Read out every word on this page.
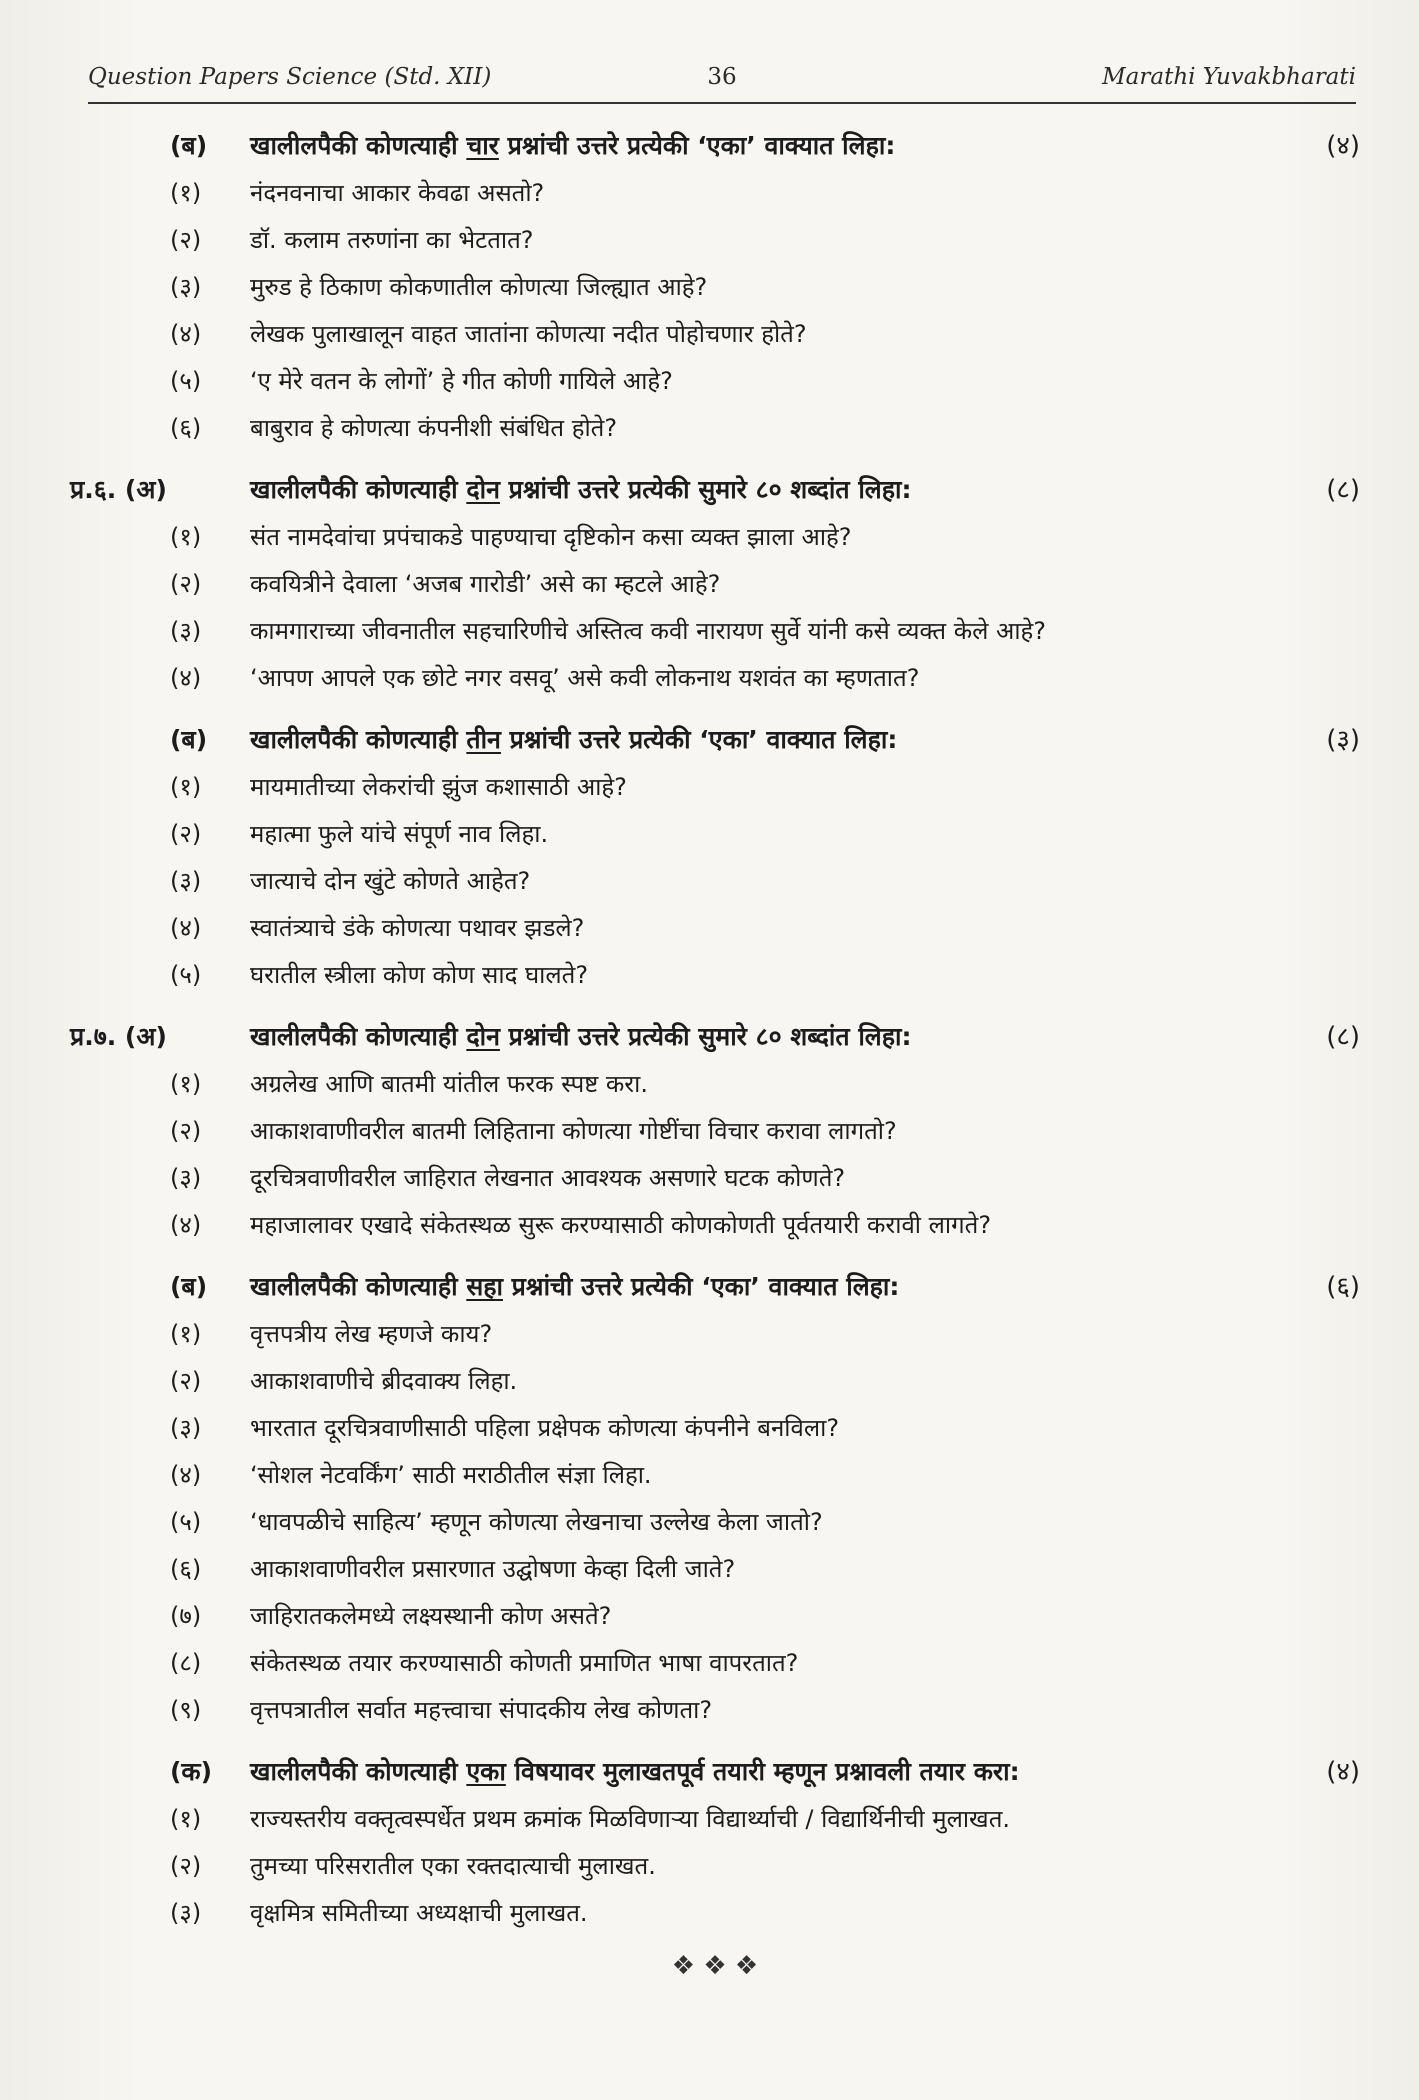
Question Papers Science (Std. XII)	36	Marathi Yuvakbharati
(ब)	खालीलपैकी कोणत्याही चार प्रश्नांची उत्तरे प्रत्येकी ‘एका’ वाक्यात लिहा:	(४)
(१)	नंदनवनाचा आकार केवढा असतो?
(२)	डॉ. कलाम तरुणांना का भेटतात?
(३)	मुरुड हे ठिकाण कोकणातील कोणत्या जिल्ह्यात आहे?
(४)	लेखक पुलाखालून वाहत जातांना कोणत्या नदीत पोहोचणार होते?
(५)	‘ए मेरे वतन के लोगों’ हे गीत कोणी गायिले आहे?
(६)	बाबुराव हे कोणत्या कंपनीशी संबंधित होते?
प्र.६. (अ)	खालीलपैकी कोणत्याही दोन प्रश्नांची उत्तरे प्रत्येकी सुमारे ८० शब्दांत लिहा:	(८)
(१)	संत नामदेवांचा प्रपंचाकडे पाहण्याचा दृष्टिकोन कसा व्यक्त झाला आहे?
(२)	कवयित्रीने देवाला ‘अजब गारोडी’ असे का म्हटले आहे?
(३)	कामगाराच्या जीवनातील सहचारिणीचे अस्तित्व कवी नारायण सुर्वे यांनी कसे व्यक्त केले आहे?
(४)	‘आपण आपले एक छोटे नगर वसवू’ असे कवी लोकनाथ यशवंत का म्हणतात?
(ब)	खालीलपैकी कोणत्याही तीन प्रश्नांची उत्तरे प्रत्येकी ‘एका’ वाक्यात लिहा:	(३)
(१)	मायमातीच्या लेकरांची झुंज कशासाठी आहे?
(२)	महात्मा फुले यांचे संपूर्ण नाव लिहा.
(३)	जात्याचे दोन खुंटे कोणते आहेत?
(४)	स्वातंत्र्याचे डंके कोणत्या पथावर झडले?
(५)	घरातील स्त्रीला कोण कोण साद घालते?
प्र.७. (अ)	खालीलपैकी कोणत्याही दोन प्रश्नांची उत्तरे प्रत्येकी सुमारे ८० शब्दांत लिहा:	(८)
(१)	अग्रलेख आणि बातमी यांतील फरक स्पष्ट करा.
(२)	आकाशवाणीवरील बातमी लिहिताना कोणत्या गोष्टींचा विचार करावा लागतो?
(३)	दूरचित्रवाणीवरील जाहिरात लेखनात आवश्यक असणारे घटक कोणते?
(४)	महाजालावर एखादे संकेतस्थळ सुरू करण्यासाठी कोणकोणती पूर्वतयारी करावी लागते?
(ब)	खालीलपैकी कोणत्याही सहा प्रश्नांची उत्तरे प्रत्येकी ‘एका’ वाक्यात लिहा:	(६)
(१)	वृत्तपत्रीय लेख म्हणजे काय?
(२)	आकाशवाणीचे ब्रीदवाक्य लिहा.
(३)	भारतात दूरचित्रवाणीसाठी पहिला प्रक्षेपक कोणत्या कंपनीने बनविला?
(४)	‘सोशल नेटवर्किंग’ साठी मराठीतील संज्ञा लिहा.
(५)	‘धावपळीचे साहित्य’ म्हणून कोणत्या लेखनाचा उल्लेख केला जातो?
(६)	आकाशवाणीवरील प्रसारणात उद्घोषणा केव्हा दिली जाते?
(७)	जाहिरातकलेमध्ये लक्ष्यस्थानी कोण असते?
(८)	संकेतस्थळ तयार करण्यासाठी कोणती प्रमाणित भाषा वापरतात?
(९)	वृत्तपत्रातील सर्वात महत्त्वाचा संपादकीय लेख कोणता?
(क)	खालीलपैकी कोणत्याही एका विषयावर मुलाखतपूर्व तयारी म्हणून प्रश्नावली तयार करा:	(४)
(१)	राज्यस्तरीय वक्तृत्वस्पर्धेत प्रथम क्रमांक मिळविणाऱ्या विद्यार्थ्याची / विद्यार्थिनीची मुलाखत.
(२)	तुमच्या परिसरातील एका रक्तदात्याची मुलाखत.
(३)	वृक्षमित्र समितीच्या अध्यक्षाची मुलाखत.
❖ ❖ ❖
